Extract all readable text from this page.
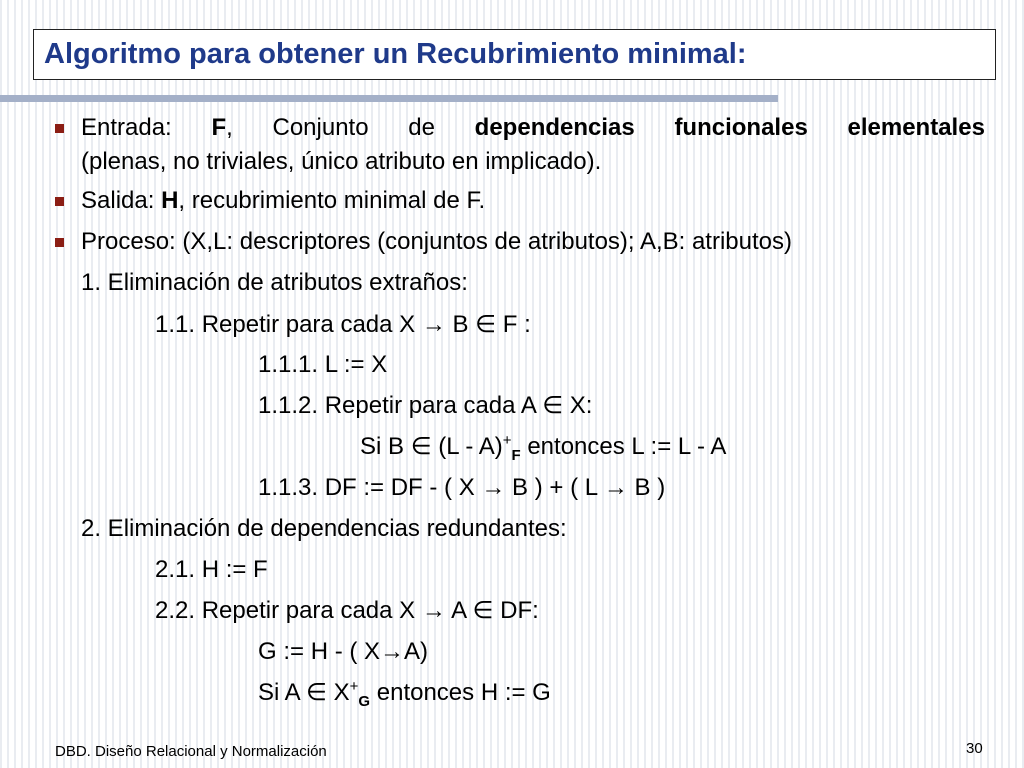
Algoritmo para obtener un Recubrimiento minimal:
Entrada: F, Conjunto de dependencias funcionales elementales
(plenas, no triviales, único atributo en implicado).
Salida: H, recubrimiento minimal de F.
Proceso: (X,L: descriptores (conjuntos de atributos); A,B: atributos)
1. Eliminación de atributos extraños:
1.1. Repetir para cada X → B ∈ F :
1.1.1. L := X
1.1.2. Repetir para cada A ∈ X:
Si B ∈ $(L - A)^+_F$ entonces L := L - A
1.1.3. DF := DF - ( X → B ) + ( L → B )
2. Eliminación de dependencias redundantes:
2.1. H := F
2.2. Repetir para cada X → A ∈ DF:
G := H - ( X→A)
Si A ∈ $X^+_G$ entonces H := G
DBD. Diseño Relacional y Normalización	30
